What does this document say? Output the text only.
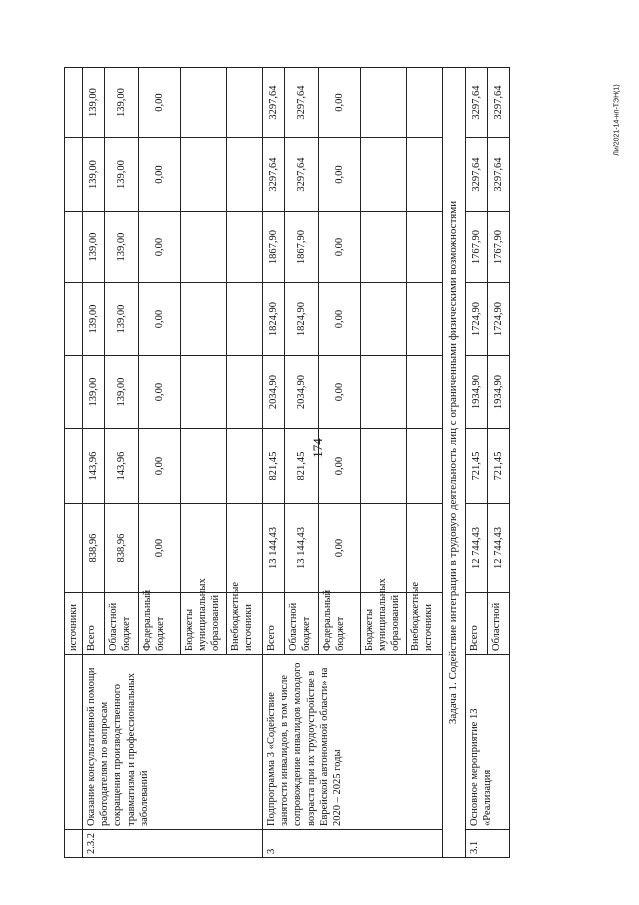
174
Ли/2021-14-нп-ТЭН(1)
		источники							
2.3.2	Оказание консультативной помощи работодателям по вопросам сокращения производственного травматизма и профессиональных заболеваний	Всего	838,96	143,96	139,00	139,00	139,00	139,00	139,00
		Областной бюджет	838,96	143,96	139,00	139,00	139,00	139,00	139,00
		Федеральный бюджет	0,00	0,00	0,00	0,00	0,00	0,00	0,00
		Бюджеты муниципальных образований							
		Внебюджетные источники							
3	Подпрограмма 3 «Содействие занятости инвалидов, в том числе сопровождение инвалидов молодого возраста при их трудоустройстве в Еврейской автономной области» на 2020 – 2025 годы	Всего	13 144,43	821,45	2034,90	1824,90	1867,90	3297,64	3297,64
		Областной бюджет	13 144,43	821,45	2034,90	1824,90	1867,90	3297,64	3297,64
		Федеральный бюджет	0,00	0,00	0,00	0,00	0,00	0,00	0,00
		Бюджеты муниципальных образований							
		Внебюджетные источники							
Задача 1. Содействие интеграции в трудовую деятельность лиц с ограниченными физическими возможностями									
3.1	Основное мероприятие 13 «Реализация	Всего	12 744,43	721,45	1934,90	1724,90	1767,90	3297,64	3297,64
		Областной	12 744,43	721,45	1934,90	1724,90	1767,90	3297,64	3297,64
